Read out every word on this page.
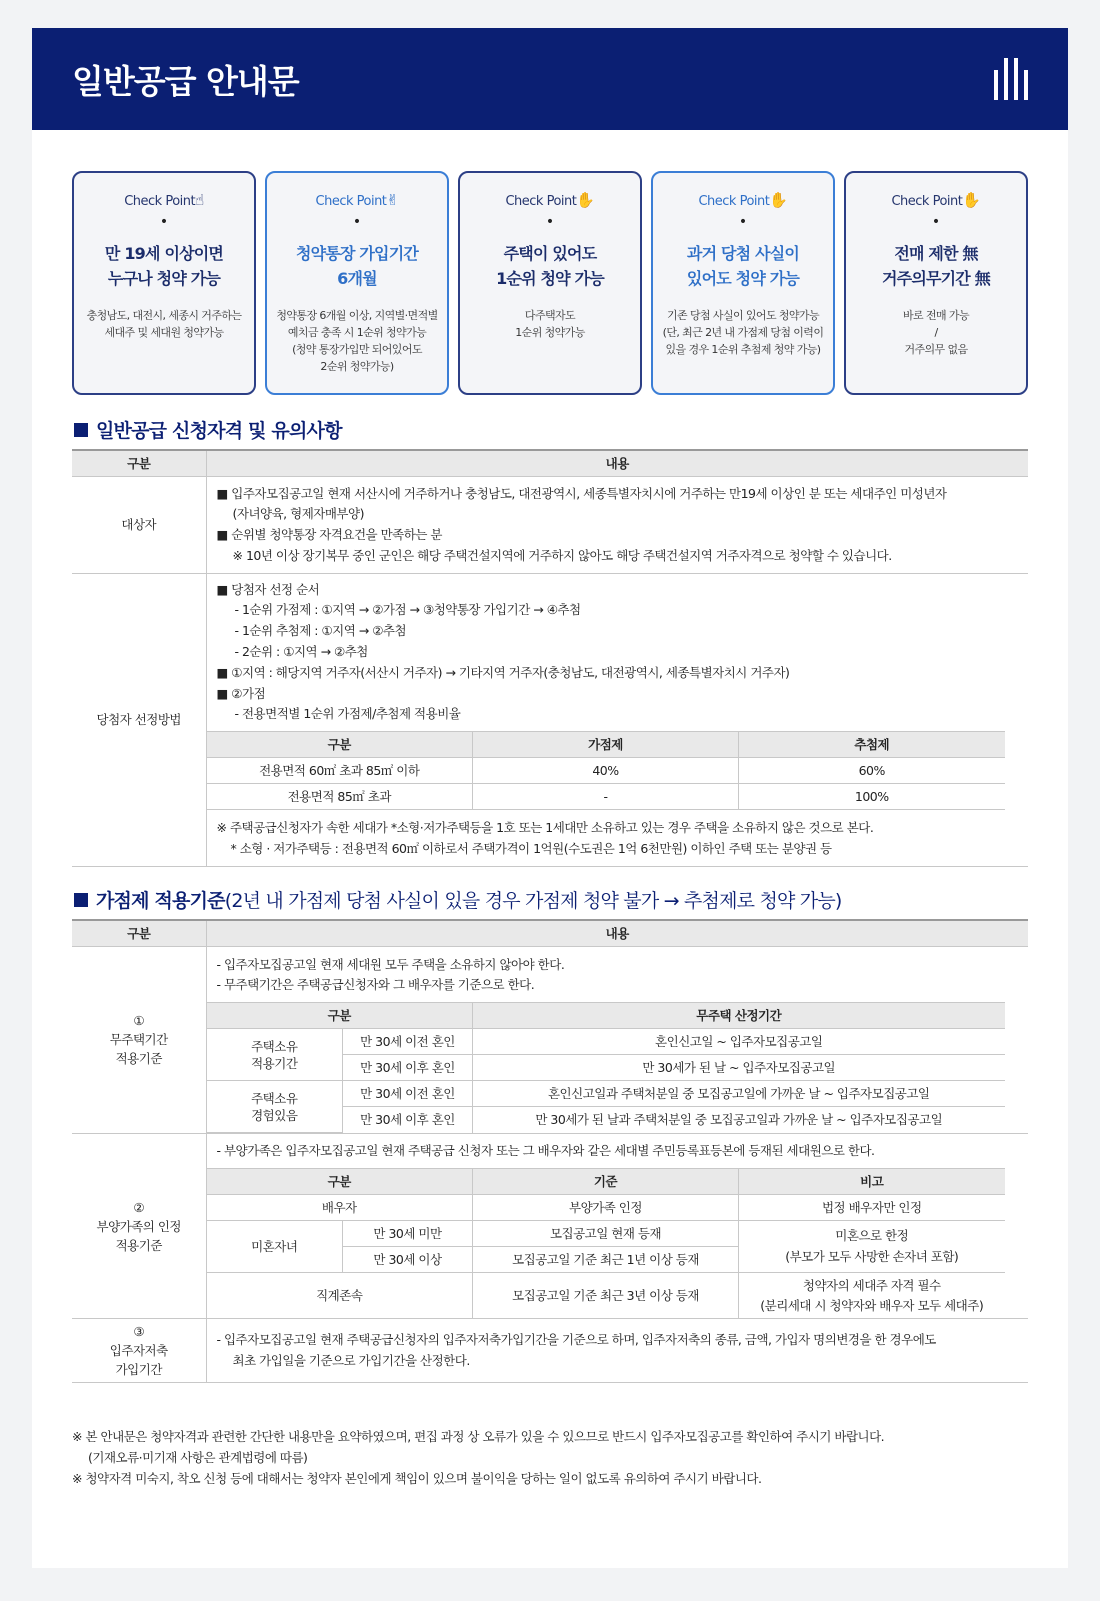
일반공급 안내문
Check Point☝
•
만 19세 이상이면
누구나 청약 가능
충청남도, 대전시, 세종시 거주하는
세대주 및 세대원 청약가능
Check Point✌
•
청약통장 가입기간
6개월
청약통장 6개월 이상, 지역별·면적별
예치금 충족 시 1순위 청약가능
(청약 통장가입만 되어있어도
2순위 청약가능)
Check Point✋
•
주택이 있어도
1순위 청약 가능
다주택자도
1순위 청약가능
Check Point✋
•
과거 당첨 사실이
있어도 청약 가능
기존 당첨 사실이 있어도 청약가능
(단, 최근 2년 내 가점제 당첨 이력이
있을 경우 1순위 추첨제 청약 가능)
Check Point✋
•
전매 제한 無
거주의무기간 無
바로 전매 가능
/
거주의무 없음
일반공급 신청자격 및 유의사항
구분	내용
대상자	
■ 입주자모집공고일 현재 서산시에 거주하거나 충청남도, 대전광역시, 세종특별자치시에 거주하는 만19세 이상인 분 또는 세대주인 미성년자
(자녀양육, 형제자매부양)
■ 순위별 청약통장 자격요건을 만족하는 분
※ 10년 이상 장기복무 중인 군인은 해당 주택건설지역에 거주하지 않아도 해당 주택건설지역 거주자격으로 청약할 수 있습니다.

당첨자 선정방법	
■ 당첨자 선정 순서
- 1순위 가점제 : ①지역 → ②가점 → ③청약통장 가입기간 → ④추첨
- 1순위 추첨제 : ①지역 → ②추첨
- 2순위 : ①지역 → ②추첨
■ ①지역 : 해당지역 거주자(서산시 거주자) → 기타지역 거주자(충청남도, 대전광역시, 세종특별자치시 거주자)
■ ②가점
- 전용면적별 1순위 가점제/추첨제 적용비율
구분	가점제	추첨제
전용면적 60㎡ 초과 85㎡ 이하	40%	60%
전용면적 85㎡ 초과	-	100%
※ 주택공급신청자가 속한 세대가 *소형·저가주택등을 1호 또는 1세대만 소유하고 있는 경우 주택을 소유하지 않은 것으로 본다.
* 소형 · 저가주택등 : 전용면적 60㎡ 이하로서 주택가격이 1억원(수도권은 1억 6천만원) 이하인 주택 또는 분양권 등
가점제 적용기준(2년 내 가점제 당첨 사실이 있을 경우 가점제 청약 불가 → 추첨제로 청약 가능)
구분	내용

①
무주택기간
적용기준

- 입주자모집공고일 현재 세대원 모두 주택을 소유하지 않아야 한다.
- 무주택기간은 주택공급신청자와 그 배우자를 기준으로 한다.
구분	무주택 산정기간
주택소유
적용기간	만 30세 이전 혼인	혼인신고일 ~ 입주자모집공고일
만 30세 이후 혼인	만 30세가 된 날 ~ 입주자모집공고일
주택소유
경험있음	만 30세 이전 혼인	혼인신고일과 주택처분일 중 모집공고일에 가까운 날 ~ 입주자모집공고일
만 30세 이후 혼인	만 30세가 된 날과 주택처분일 중 모집공고일과 가까운 날 ~ 입주자모집공고일

②
부양가족의 인정
적용기준

- 부양가족은 입주자모집공고일 현재 주택공급 신청자 또는 그 배우자와 같은 세대별 주민등록표등본에 등재된 세대원으로 한다.
구분	기준	비고
배우자	부양가족 인정	법정 배우자만 인정
미혼자녀	만 30세 미만	모집공고일 현재 등재	미혼으로 한정
(부모가 모두 사망한 손자녀 포함)
만 30세 이상	모집공고일 기준 최근 1년 이상 등재
직계존속	모집공고일 기준 최근 3년 이상 등재	청약자의 세대주 자격 필수
(분리세대 시 청약자와 배우자 모두 세대주)

③
입주자저축
가입기간

- 입주자모집공고일 현재 주택공급신청자의 입주자저축가입기간을 기준으로 하며, 입주자저축의 종류, 금액, 가입자 명의변경을 한 경우에도
최초 가입일을 기준으로 가입기간을 산정한다.
※ 본 안내문은 청약자격과 관련한 간단한 내용만을 요약하였으며, 편집 과정 상 오류가 있을 수 있으므로 반드시 입주자모집공고를 확인하여 주시기 바랍니다.
(기재오류·미기재 사항은 관계법령에 따름)
※ 청약자격 미숙지, 착오 신청 등에 대해서는 청약자 본인에게 책임이 있으며 불이익을 당하는 일이 없도록 유의하여 주시기 바랍니다.
